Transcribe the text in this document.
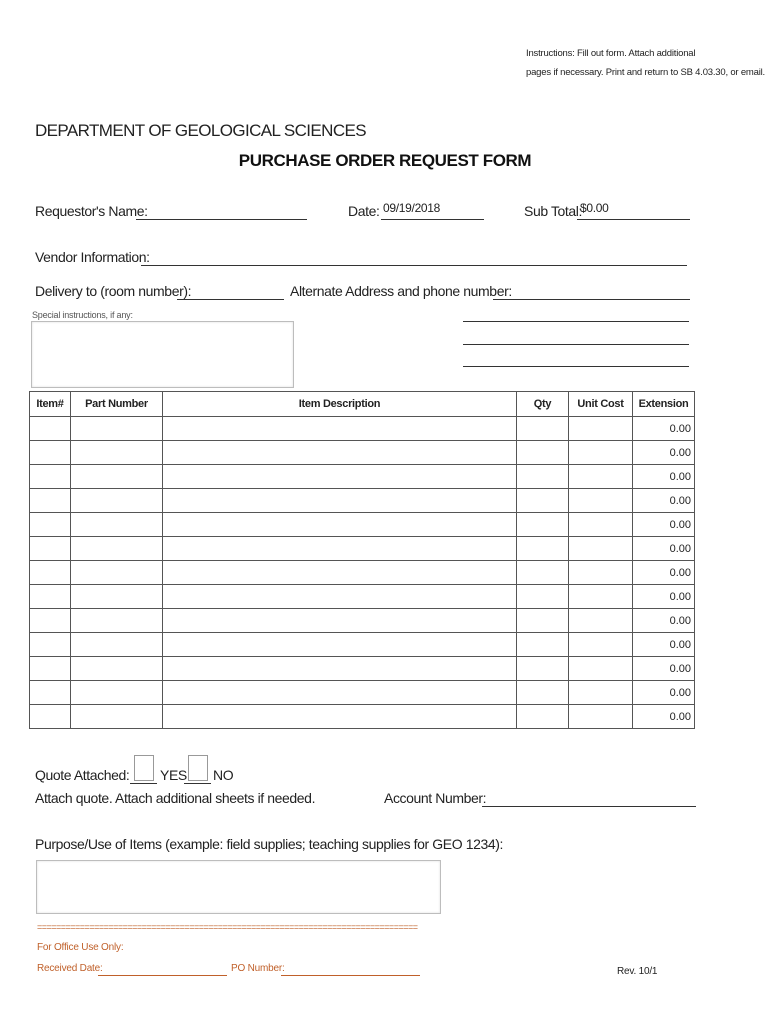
Instructions: Fill out form. Attach additional
pages if necessary. Print and return to SB 4.03.30, or email.
DEPARTMENT OF GEOLOGICAL SCIENCES
PURCHASE ORDER REQUEST FORM
Requestor's Name:	Date: 09/19/2018	Sub Total:
$0.00
Vendor Information:
Delivery to (room number):	Alternate Address and phone number:
Special instructions, if any:
Item#	Part Number	Item Description	Qty	Unit Cost	Extension
					0.00
					0.00
					0.00
					0.00
					0.00
					0.00
					0.00
					0.00
					0.00
					0.00
					0.00
					0.00
					0.00
Quote Attached: YES NO
Attach quote. Attach additional sheets if needed.	Account Number:
Purpose/Use of Items (example: field supplies; teaching supplies for GEO 1234):
================================================================================
For Office Use Only:
Received Date:	PO Number:	Rev. 10/1
